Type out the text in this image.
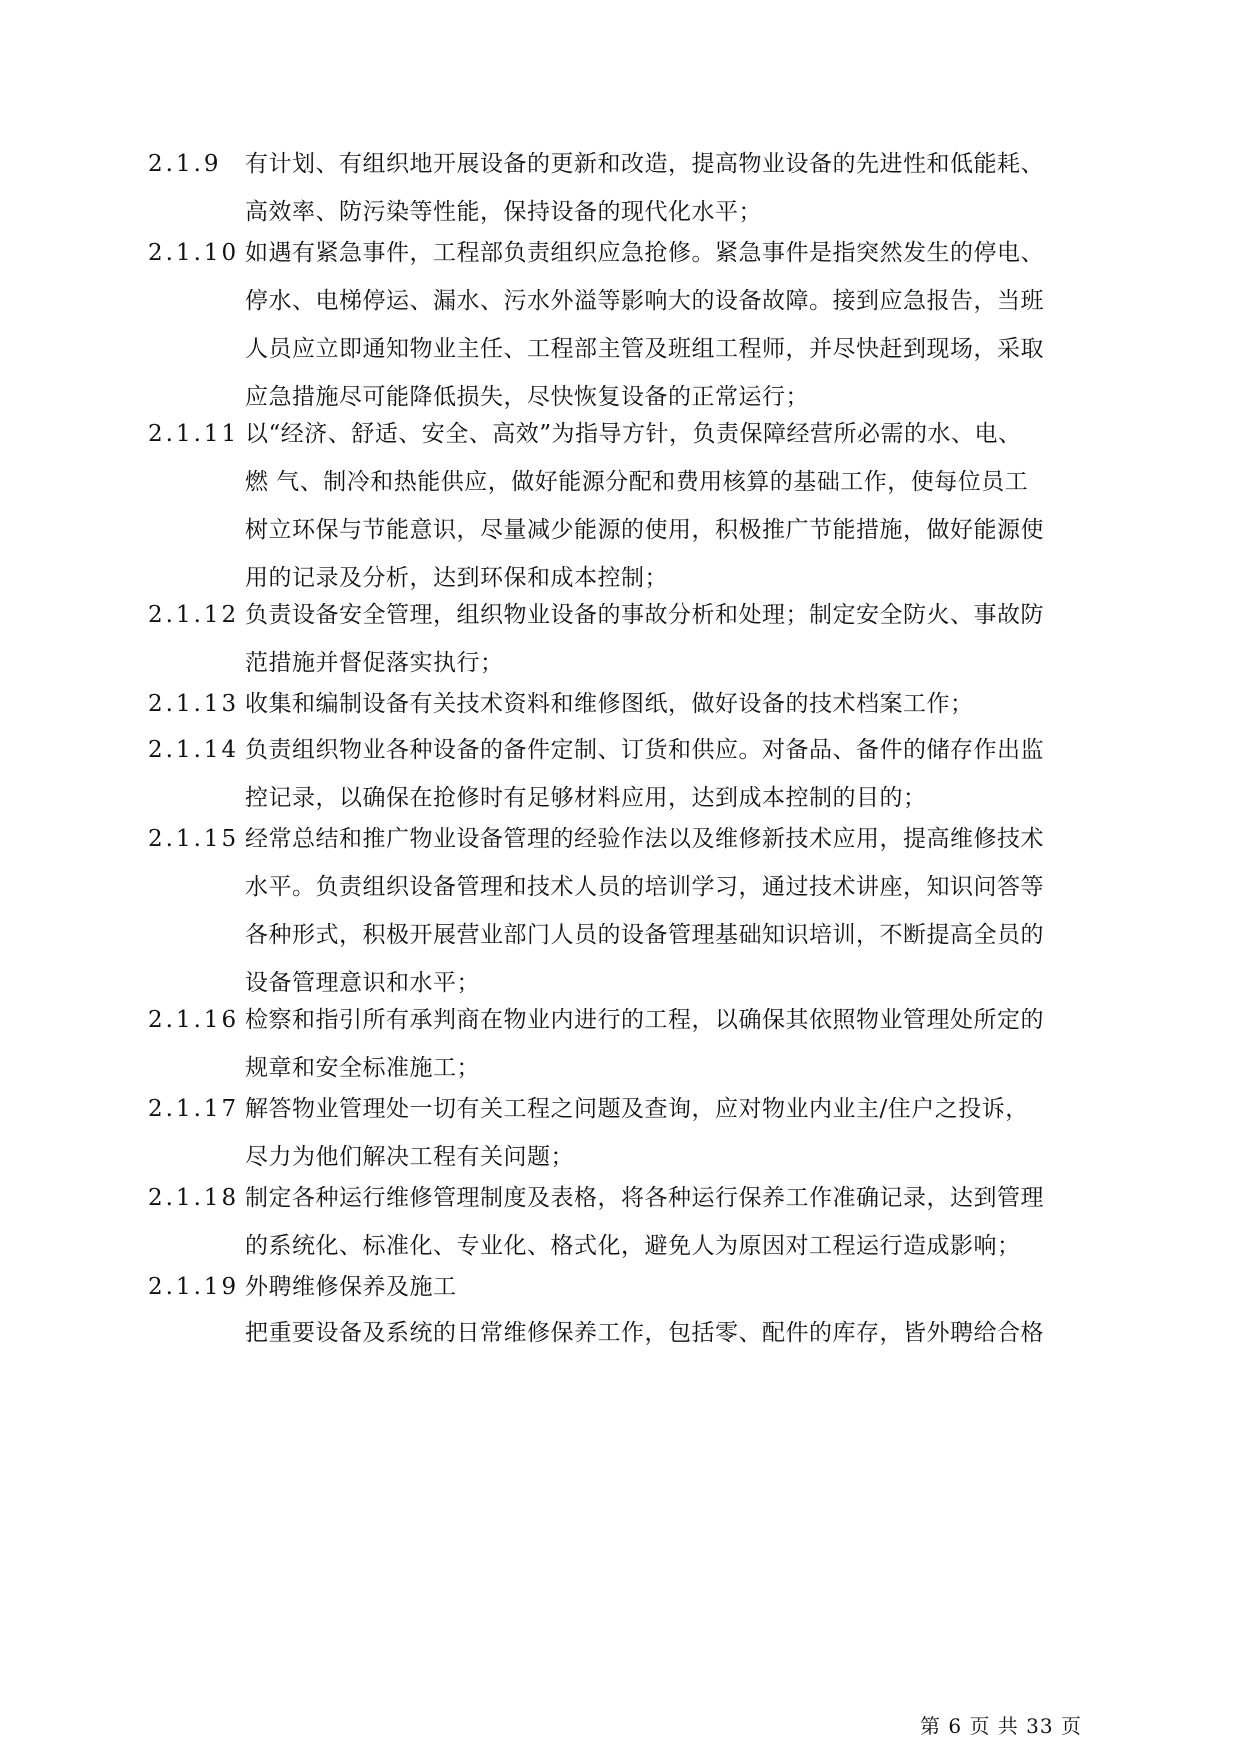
2.1.9	有计划、有组织地开展设备的更新和改造，提高物业设备的先进性和低能耗、
高效率、防污染等性能，保持设备的现代化水平；
2.1.10 如遇有紧急事件，工程部负责组织应急抢修。紧急事件是指突然发生的停电、
停水、电梯停运、漏水、污水外溢等影响大的设备故障。接到应急报告，当班
人员应立即通知物业主任、工程部主管及班组工程师，并尽快赶到现场，采取
应急措施尽可能降低损失，尽快恢复设备的正常运行；
2.1.11 以“经济、舒适、安全、高效”为指导方针，负责保障经营所必需的水、电、
燃 气、制冷和热能供应，做好能源分配和费用核算的基础工作，使每位员工
树立环保与节能意识，尽量减少能源的使用，积极推广节能措施，做好能源使
用的记录及分析，达到环保和成本控制；
2.1.12 负责设备安全管理，组织物业设备的事故分析和处理；制定安全防火、事故防
范措施并督促落实执行；
2.1.13 收集和编制设备有关技术资料和维修图纸，做好设备的技术档案工作；
2.1.14 负责组织物业各种设备的备件定制、订货和供应。对备品、备件的储存作出监
控记录，以确保在抢修时有足够材料应用，达到成本控制的目的；
2.1.15 经常总结和推广物业设备管理的经验作法以及维修新技术应用，提高维修技术
水平。负责组织设备管理和技术人员的培训学习，通过技术讲座，知识问答等
各种形式，积极开展营业部门人员的设备管理基础知识培训，不断提高全员的
设备管理意识和水平；
2.1.16 检察和指引所有承判商在物业内进行的工程，以确保其依照物业管理处所定的
规章和安全标准施工；
2.1.17 解答物业管理处一切有关工程之问题及查询，应对物业内业主/住户之投诉，
尽力为他们解决工程有关问题；
2.1.18 制定各种运行维修管理制度及表格，将各种运行保养工作准确记录，达到管理
的系统化、标准化、专业化、格式化，避免人为原因对工程运行造成影响；
2.1.19 外聘维修保养及施工
把重要设备及系统的日常维修保养工作，包括零、配件的库存，皆外聘给合格
第 6 页 共 33 页
